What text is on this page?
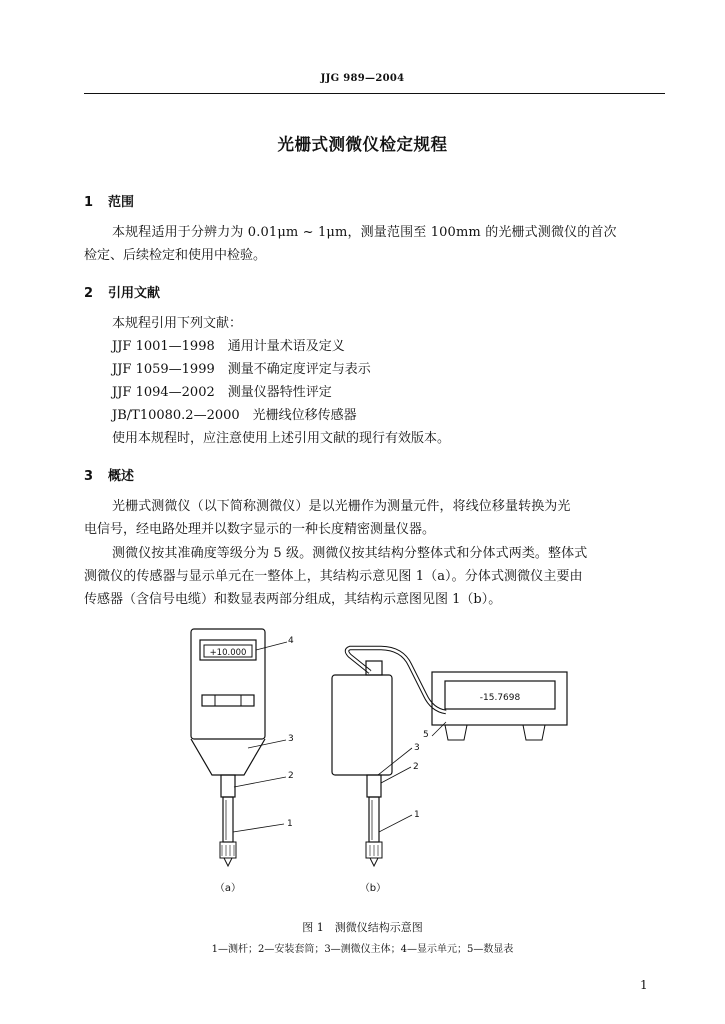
JJG 989—2004
光栅式测微仪检定规程
1 范围
本规程适用于分辨力为 0.01μm ~ 1μm，测量范围至 100mm 的光栅式测微仪的首次
检定、后续检定和使用中检验。
2 引用文献
本规程引用下列文献：
JJF 1001—1998　通用计量术语及定义
JJF 1059—1999　测量不确定度评定与表示
JJF 1094—2002　测量仪器特性评定
JB/T10080.2—2000　光栅线位移传感器
使用本规程时，应注意使用上述引用文献的现行有效版本。
3 概述
光栅式测微仪（以下简称测微仪）是以光栅作为测量元件，将线位移量转换为光
电信号，经电路处理并以数字显示的一种长度精密测量仪器。
测微仪按其准确度等级分为 5 级。测微仪按其结构分整体式和分体式两类。整体式
测微仪的传感器与显示单元在一整体上，其结构示意见图 1（a）。分体式测微仪主要由
传感器（含信号电缆）和数显表两部分组成，其结构示意图见图 1（b）。
+10.000
4
3
2
1
（a）
-15.7698
5
2
3
1
（b）
图 1　测微仪结构示意图
1—测杆；2—安装套筒；3—测微仪主体；4—显示单元；5—数显表
1
